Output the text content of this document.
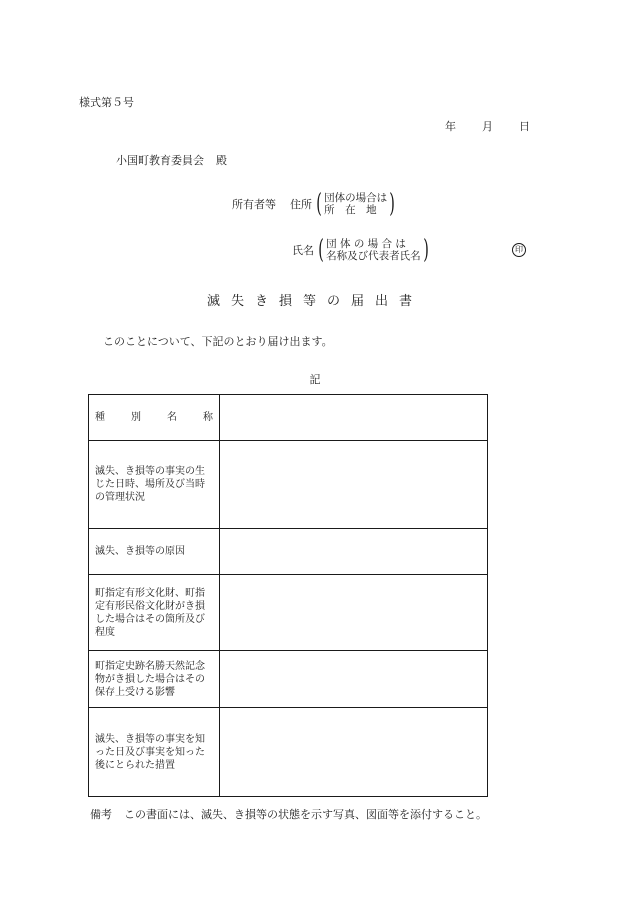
様式第５号
年 月 日
小国町教育委員会 殿
所有者等 住所 ( 団体の場合は
所　在　地 )
氏名 ( 団 体 の 場 合 は
名称及び代表者氏名 )	印
滅失き損等の届出書
このことについて、下記のとおり届け出ます。
記
種別名称	

滅失、き損等の事実の生じた日時、場所及び当時の管理状況	

滅失、き損等の原因	

町指定有形文化財、町指定有形民俗文化財がき損した場合はその箇所及び程度	

町指定史跡名勝天然記念物がき損した場合はその保存上受ける影響	

滅失、き損等の事実を知った日及び事実を知った後にとられた措置	

備考 この書面には、滅失、き損等の状態を示す写真、図面等を添付すること。
